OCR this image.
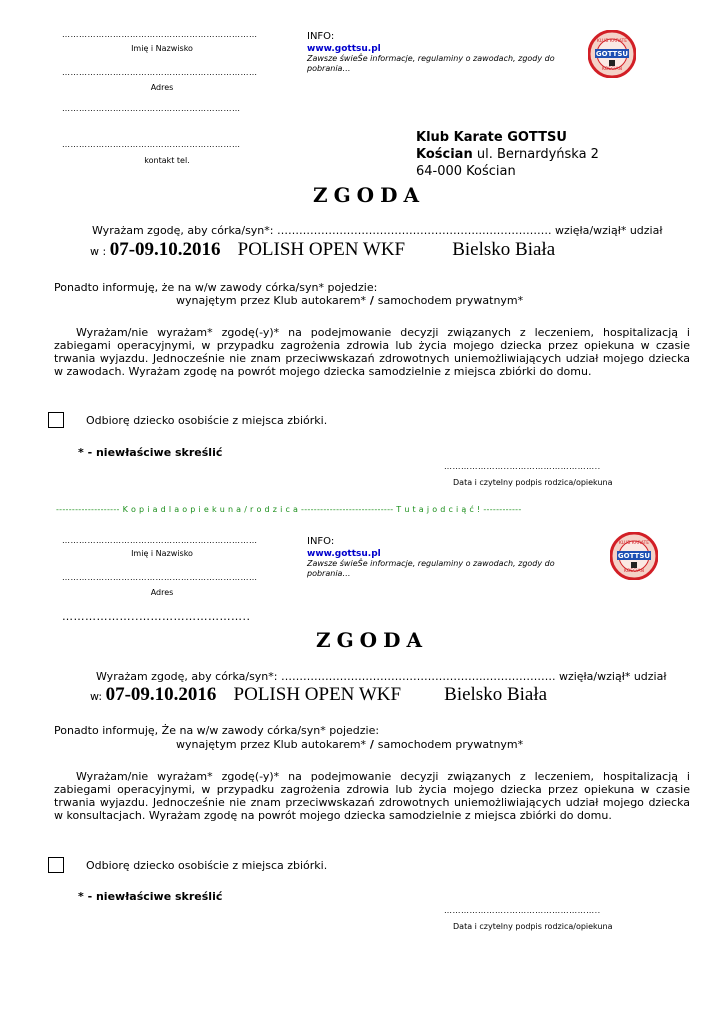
……………………………………………………………
Imię i Nazwisko
……………………………………………………………
Adres
………………………………………………………
………………………………………………………
kontakt tel.
INFO:
www.gottsu.pl
Zawsze świeŜe informacje, regulaminy o zawodach, zgody do pobrania…
GOTTSU
KLUB KARATE
KOŚCIAN
Klub Karate GOTTSU
Kościan ul. Bernardyńska 2
64-000 Kościan
ZGODA
Wyrażam zgodę, aby córka/syn*: ………………………………………………..………………. wzięła/wziął* udział
w : 07-09.10.2016 POLISH OPEN WKF Bielsko Biała
Ponadto informuję, że na w/w zawody córka/syn* pojedzie:
wynajętym przez Klub autokarem* / samochodem prywatnym*
Wyrażam/nie wyrażam* zgodę(-y)* na podejmowanie decyzji związanych z leczeniem, hospitalizacją i zabiegami operacyjnymi, w przypadku zagrożenia zdrowia lub życia mojego dziecka przez opiekuna w czasie trwania wyjazdu. Jednocześnie nie znam przeciwwskazań zdrowotnych uniemożliwiających udział mojego dziecka w zawodach. Wyrażam zgodę na powrót mojego dziecka samodzielnie z miejsca zbiórki do domu.
Odbiorę dziecko osobiście z miejsca zbiórki.
* - niewłaściwe skreślić
…………………..…………………………..
Data i czytelny podpis rodzica/opiekuna
-------------------- K o p i a d l a o p i e k u n a / r o d z i c a ----------------------------- T u t a j o d c i ą ć ! ------------
……………………………………………………………
Imię i Nazwisko
……………………………………………………………
Adres
………………..………………………..
INFO:
www.gottsu.pl
Zawsze świeŜe informacje, regulaminy o zawodach, zgody do pobrania…
GOTTSU
KLUB KARATE
KOŚCIAN
ZGODA
Wyrażam zgodę, aby córka/syn*: ………………………………………………..………………. wzięła/wziął* udział
w: 07-09.10.2016 POLISH OPEN WKF Bielsko Biała
Ponadto informuję, Że na w/w zawody córka/syn* pojedzie:
wynajętym przez Klub autokarem* / samochodem prywatnym*
Wyrażam/nie wyrażam* zgodę(-y)* na podejmowanie decyzji związanych z leczeniem, hospitalizacją i zabiegami operacyjnymi, w przypadku zagrożenia zdrowia lub życia mojego dziecka przez opiekuna w czasie trwania wyjazdu. Jednocześnie nie znam przeciwwskazań zdrowotnych uniemożliwiających udział mojego dziecka w konsultacjach. Wyrażam zgodę na powrót mojego dziecka samodzielnie z miejsca zbiórki do domu.
Odbiorę dziecko osobiście z miejsca zbiórki.
* - niewłaściwe skreślić
…………………..…………………………..
Data i czytelny podpis rodzica/opiekuna
